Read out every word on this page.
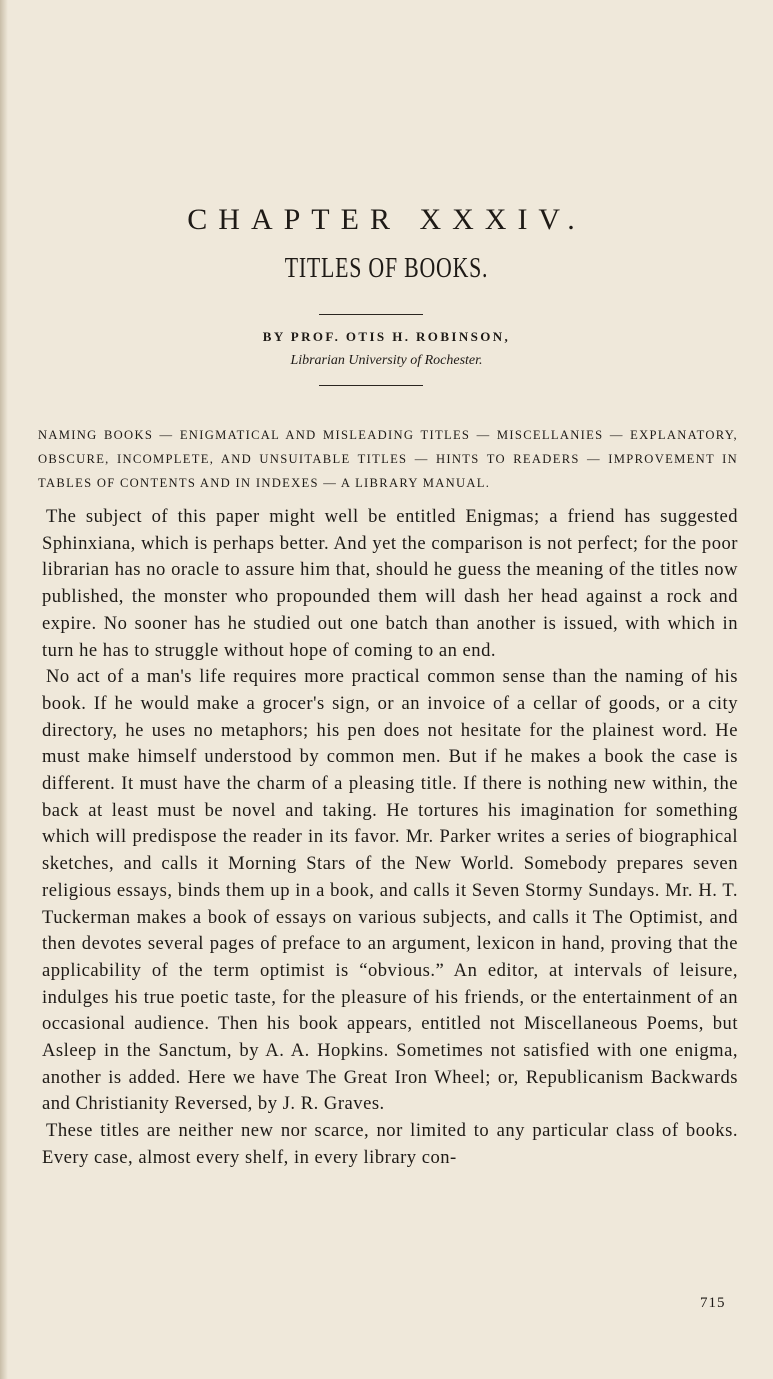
CHAPTER XXXIV.
TITLES OF BOOKS.
BY PROF. OTIS H. ROBINSON,
Librarian University of Rochester.
NAMING BOOKS — ENIGMATICAL AND MISLEADING TITLES — MISCELLANIES — EXPLANATORY, OBSCURE, INCOMPLETE, AND UNSUITABLE TITLES — HINTS TO READERS — IMPROVEMENT IN TABLES OF CONTENTS AND IN INDEXES — A LIBRARY MANUAL.

The subject of this paper might well be entitled Enigmas; a friend has suggested Sphinxiana, which is perhaps better. And yet the comparison is not perfect; for the poor librarian has no oracle to assure him that, should he guess the meaning of the titles now published, the monster who propounded them will dash her head against a rock and expire. No sooner has he studied out one batch than another is issued, with which in turn he has to struggle without hope of coming to an end.

No act of a man's life requires more practical common sense than the naming of his book. If he would make a grocer's sign, or an invoice of a cellar of goods, or a city directory, he uses no metaphors; his pen does not hesitate for the plainest word. He must make himself understood by common men. But if he makes a book the case is different. It must have the charm of a pleasing title. If there is nothing new within, the back at least must be novel and taking. He tortures his imagination for something which will predispose the reader in its favor. Mr. Parker writes a series of biographical sketches, and calls it Morning Stars of the New World. Somebody prepares seven religious essays, binds them up in a book, and calls it Seven Stormy Sundays. Mr. H. T. Tuckerman makes a book of essays on various subjects, and calls it The Optimist, and then devotes several pages of preface to an argument, lexicon in hand, proving that the applicability of the term optimist is “obvious.” An editor, at intervals of leisure, indulges his true poetic taste, for the pleasure of his friends, or the entertainment of an occasional audience. Then his book appears, entitled not Miscellaneous Poems, but Asleep in the Sanctum, by A. A. Hopkins. Sometimes not satisfied with one enigma, another is added. Here we have The Great Iron Wheel; or, Republicanism Backwards and Christianity Reversed, by J. R. Graves.

These titles are neither new nor scarce, nor limited to any particular class of books. Every case, almost every shelf, in every library con-

715
